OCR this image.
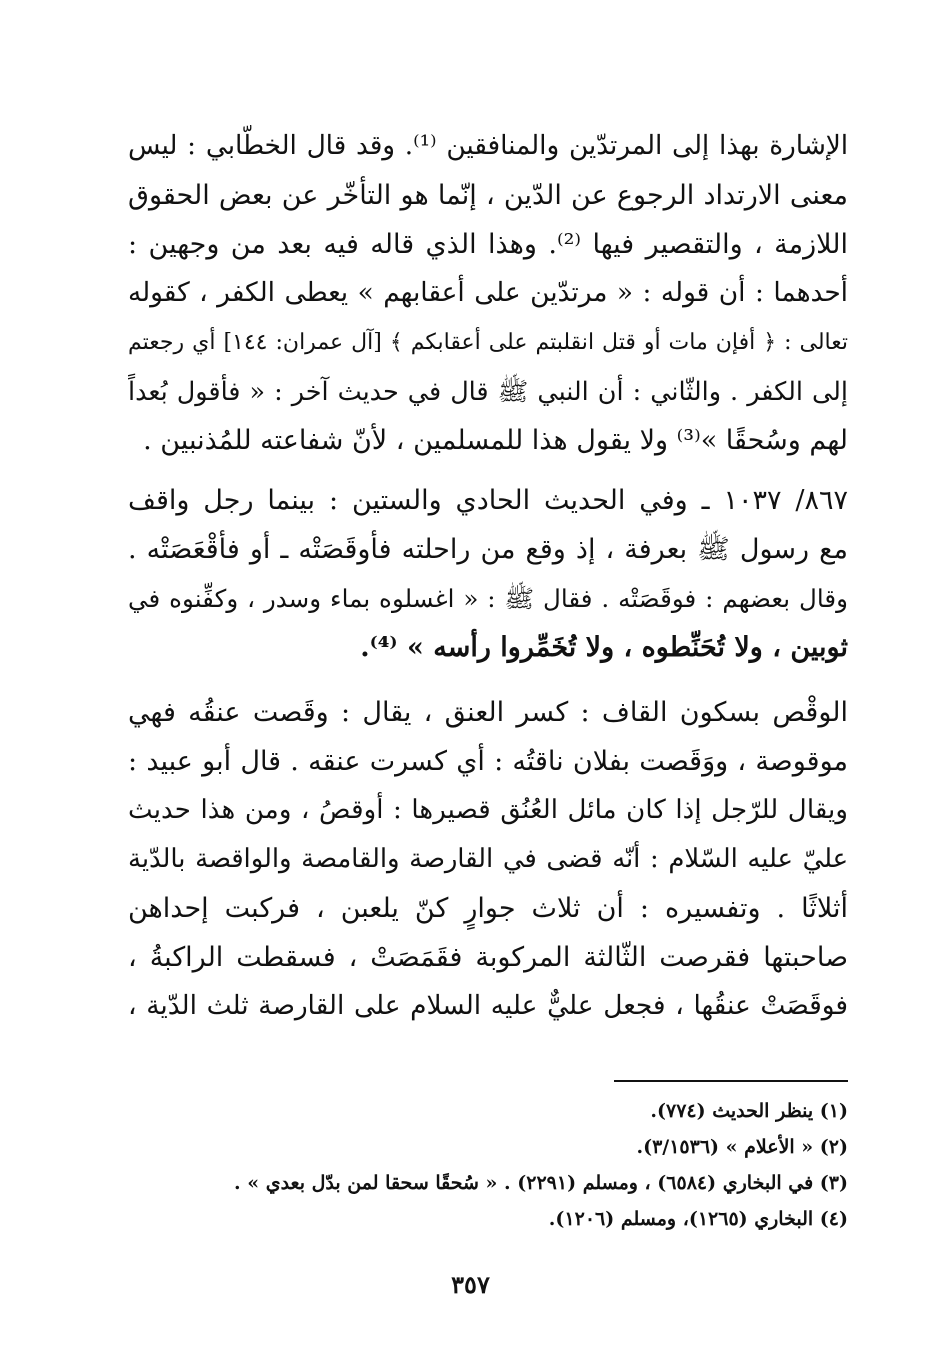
الإشارة بهذا إلى المرتدّين والمنافقين ⁽¹⁾. وقد قال الخطّابي : ليس
معنى الارتداد الرجوع عن الدّين ، إنّما هو التأخّر عن بعض الحقوق
اللازمة ، والتقصير فيها ⁽²⁾. وهذا الذي قاله فيه بعد من وجهين :
أحدهما : أن قوله : « مرتدّين على أعقابهم » يعطى الكفر ، كقوله
تعالى : ﴿ أفإن مات أو قتل انقلبتم على أعقابكم ﴾ [آل عمران: ١٤٤] أي رجعتم
إلى الكفر . والثّاني : أن النبي ﷺ قال في حديث آخر : « فأقول بُعداً
لهم وسُحقًا »⁽³⁾ ولا يقول هذا للمسلمين ، لأنّ شفاعته للمُذنبين .
٨٦٧/ ١٠٣٧ ـ وفي الحديث الحادي والستين : بينما رجل واقف
مع رسول ﷺ بعرفة ، إذ وقع من راحلته فأوقَصَتْه ـ أو فأقْعَصَتْه .
وقال بعضهم : فوقَصَتْه . فقال ﷺ : « اغسلوه بماء وسدر ، وكفِّنوه في
ثوبين ، ولا تُحَنِّطوه ، ولا تُخَمِّروا رأسه » ⁽⁴⁾.
الوقْص بسكون القاف : كسر العنق ، يقال : وقَصت عنقُه فهي
موقوصة ، ووَقَصت بفلان ناقتُه : أي كسرت عنقه . قال أبو عبيد :
ويقال للرّجل إذا كان مائل العُنُق قصيرها : أوقصُ ، ومن هذا حديث
عليّ عليه السّلام : أنّه قضى في القارصة والقامصة والواقصة بالدّية
أثلاثًا . وتفسيره : أن ثلاث جوارٍ كنّ يلعبن ، فركبت إحداهن
صاحبتها فقرصت الثّالثة المركوبة فقَمَصَتْ ، فسقطت الراكبةُ ،
فوقَصَتْ عنقُها ، فجعل عليٌّ عليه السلام على القارصة ثلث الدّية ،
(١) ينظر الحديث (٧٧٤).
(٢) « الأعلام » (٣/١٥٣٦).
(٣) في البخاري (٦٥٨٤) ، ومسلم (٢٢٩١) . « سُحقًا سحقا لمن بدّل بعدي » .
(٤) البخاري (١٢٦٥)، ومسلم (١٢٠٦).
٣٥٧
